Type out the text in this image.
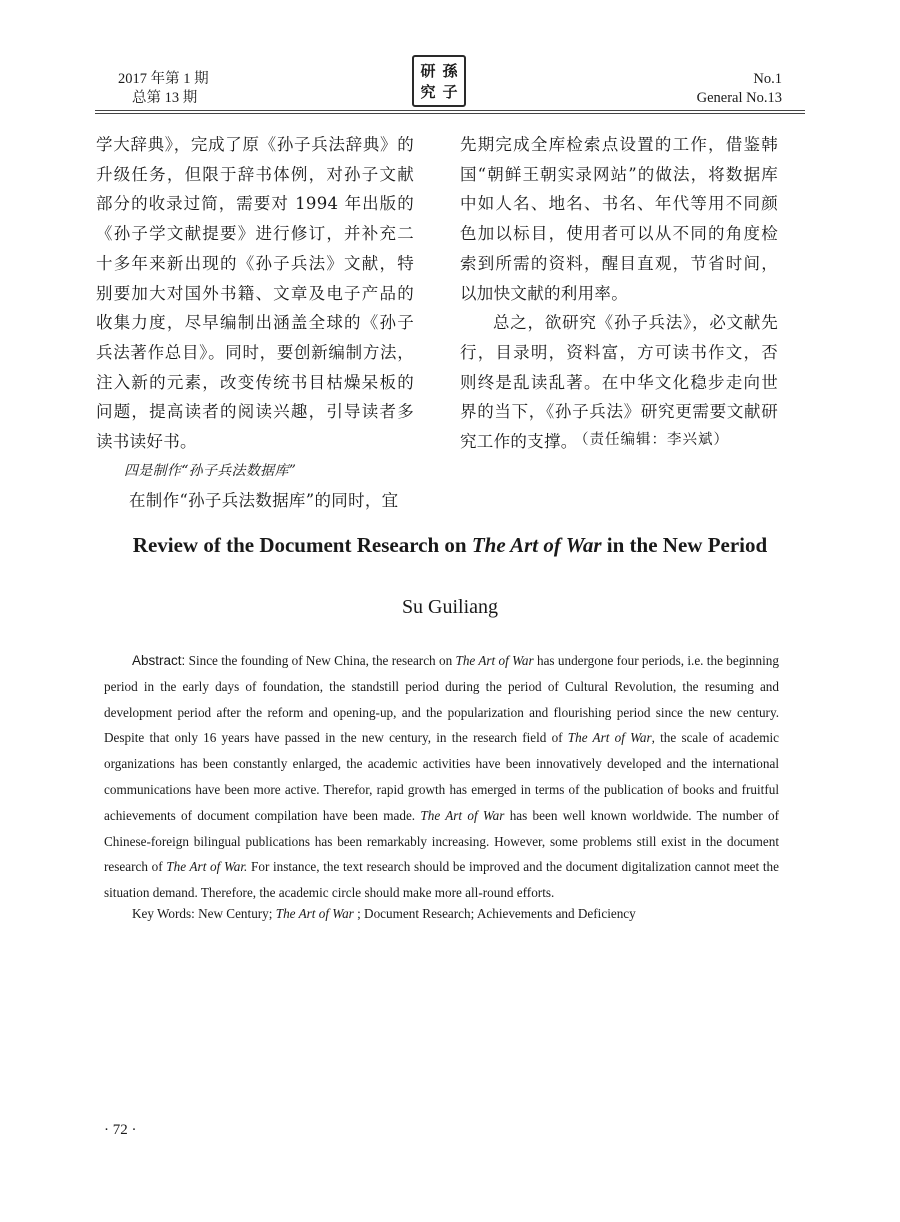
2017 年第 1 期
总第 13 期
研 孫
究 子
No.1
General No.13

学大辞典》，完成了原《孙子兵法辞典》的升级任务，但限于辞书体例，对孙子文献部分的收录过简，需要对 1994 年出版的《孙子学文献提要》进行修订，并补充二十多年来新出现的《孙子兵法》文献，特别要加大对国外书籍、文章及电子产品的收集力度，尽早编制出涵盖全球的《孙子兵法著作总目》。同时，要创新编制方法，注入新的元素，改变传统书目枯燥呆板的问题，提高读者的阅读兴趣，引导读者多读书读好书。

四是制作“孙子兵法数据库”

在制作“孙子兵法数据库”的同时，宜

先期完成全库检索点设置的工作，借鉴韩国“朝鲜王朝实录网站”的做法，将数据库中如人名、地名、书名、年代等用不同颜色加以标目，使用者可以从不同的角度检索到所需的资料，醒目直观，节省时间，以加快文献的利用率。

总之，欲研究《孙子兵法》，必文献先行，目录明，资料富，方可读书作文，否则终是乱读乱著。在中华文化稳步走向世界的当下，《孙子兵法》研究更需要文献研究工作的支撑。

（责任编辑：李兴斌）
Review of the Document Research on The Art of War in the New Period
Su Guiliang
Abstract: Since the founding of New China, the research on The Art of War has undergone four periods, i.e. the beginning period in the early days of foundation, the standstill period during the period of Cultural Revolution, the resuming and development period after the reform and opening-up, and the popularization and flourishing period since the new century. Despite that only 16 years have passed in the new century, in the research field of The Art of War, the scale of academic organizations has been constantly enlarged, the academic activities have been innovatively developed and the international communications have been more active. Therefor, rapid growth has emerged in terms of the publication of books and fruitful achievements of document compilation have been made. The Art of War has been well known worldwide. The number of Chinese-foreign bilingual publications has been remarkably increasing. However, some problems still exist in the document research of The Art of War. For instance, the text research should be improved and the document digitalization cannot meet the situation demand. Therefore, the academic circle should make more all-round efforts.
Key Words: New Century; The Art of War ; Document Research; Achievements and Deficiency
· 72 ·
